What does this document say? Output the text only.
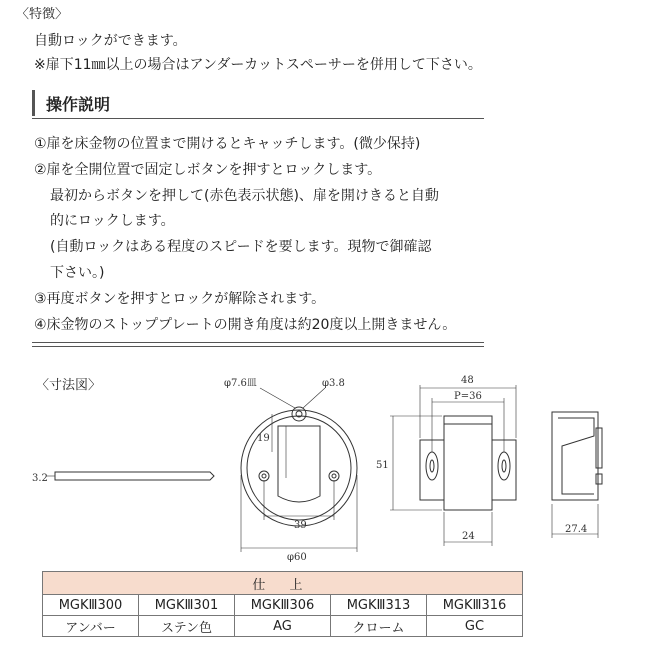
〈特徴〉
自動ロックができます。
※扉下11㎜以上の場合はアンダーカットスペーサーを併用して下さい。
操作説明
①扉を床金物の位置まで開けるとキャッチします。(微少保持)
②扉を全開位置で固定しボタンを押すとロックします。
最初からボタンを押して(赤色表示状態)、扉を開けきると自動
的にロックします。
(自動ロックはある程度のスピードを要します。現物で御確認
下さい。)
③再度ボタンを押すとロックが解除されます。
④床金物のストッププレートの開き角度は約20度以上開きません。
〈寸法図〉
3.2
φ7.6皿	φ3.8
19
39
φ60
48
P=36
51
24
27.4
仕 上				
MGKⅢ300	MGKⅢ301	MGKⅢ306	MGKⅢ313	MGKⅢ316
アンバー	ステン色	AG	クローム	GC
